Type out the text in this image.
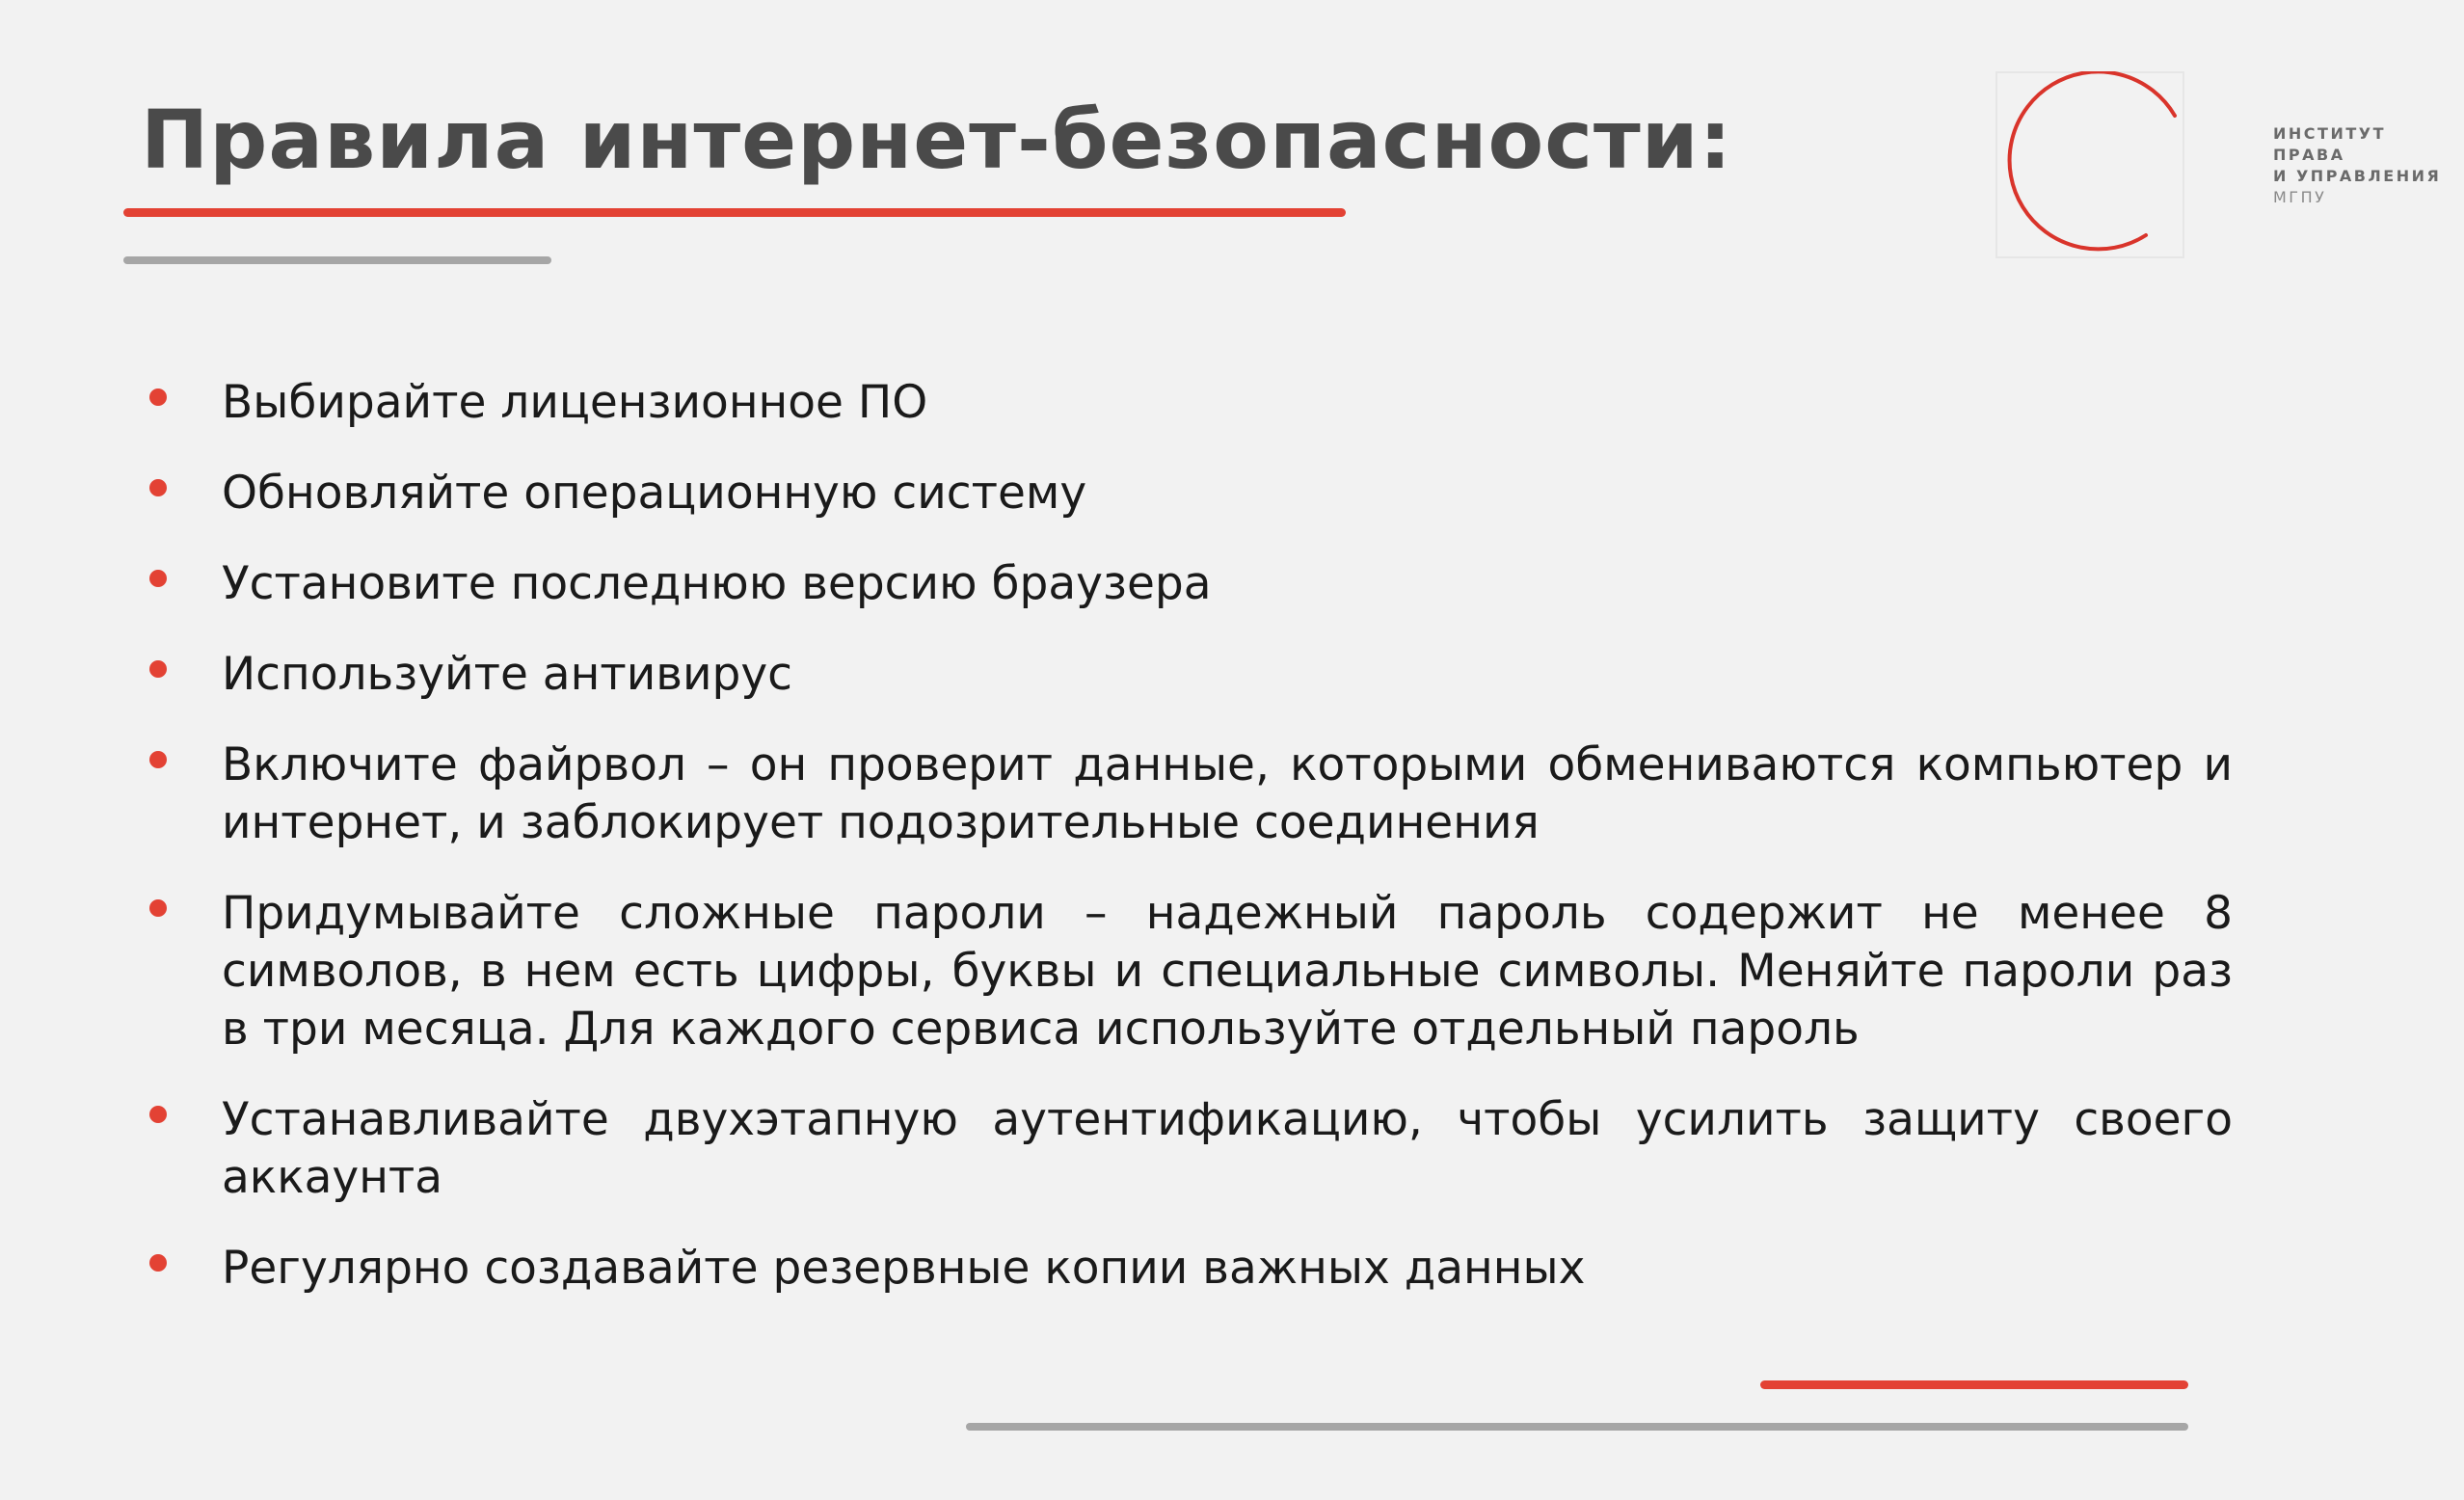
Правила интернет-безопасности:	ИНСТИТУТ
ПРАВА
И УПРАВЛЕНИЯ
МГПУ
Выбирайте лицензионное ПО
Обновляйте операционную систему
Установите последнюю версию браузера
Используйте антивирус
Включите файрвол – он проверит данные, которыми обмениваются компьютер и интернет, и заблокирует подозрительные соединения
Придумывайте сложные пароли – надежный пароль содержит не менее 8 символов, в нем есть цифры, буквы и специальные символы. Меняйте пароли раз в три месяца. Для каждого сервиса используйте отдельный пароль
Устанавливайте двухэтапную аутентификацию, чтобы усилить защиту своего аккаунта
Регулярно создавайте резервные копии важных данных
